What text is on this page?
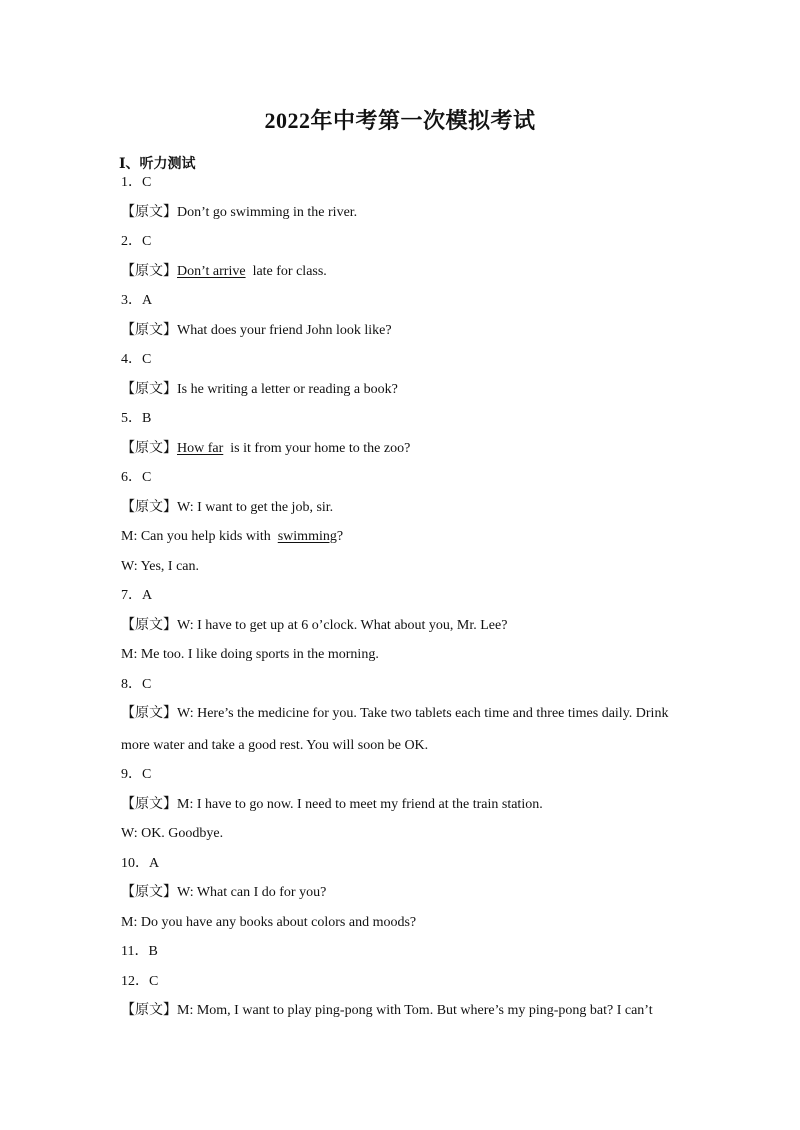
2022年中考第一次模拟考试
Ⅰ、听力测试
1．C
【原文】Don’t go swimming in the river.
2．C
【原文】Don’t arrive  late for class.
3．A
【原文】What does your friend John look like?
4．C
【原文】Is he writing a letter or reading a book?
5．B
【原文】How far  is it from your home to the zoo?
6．C
【原文】W: I want to get the job, sir.
M: Can you help kids with  swimming?
W: Yes, I can.
7．A
【原文】W: I have to get up at 6 o’clock. What about you, Mr. Lee?
M: Me too. I like doing sports in the morning.
8．C
【原文】W: Here’s the medicine for you. Take two tablets each time and three times daily. Drink more water and take a good rest. You will soon be OK.
9．C
【原文】M: I have to go now. I need to meet my friend at the train station.
W: OK. Goodbye.
10．A
【原文】W: What can I do for you?
M: Do you have any books about colors and moods?
11．B
12．C
【原文】M: Mom, I want to play ping-pong with Tom. But where’s my ping-pong bat? I can’t
